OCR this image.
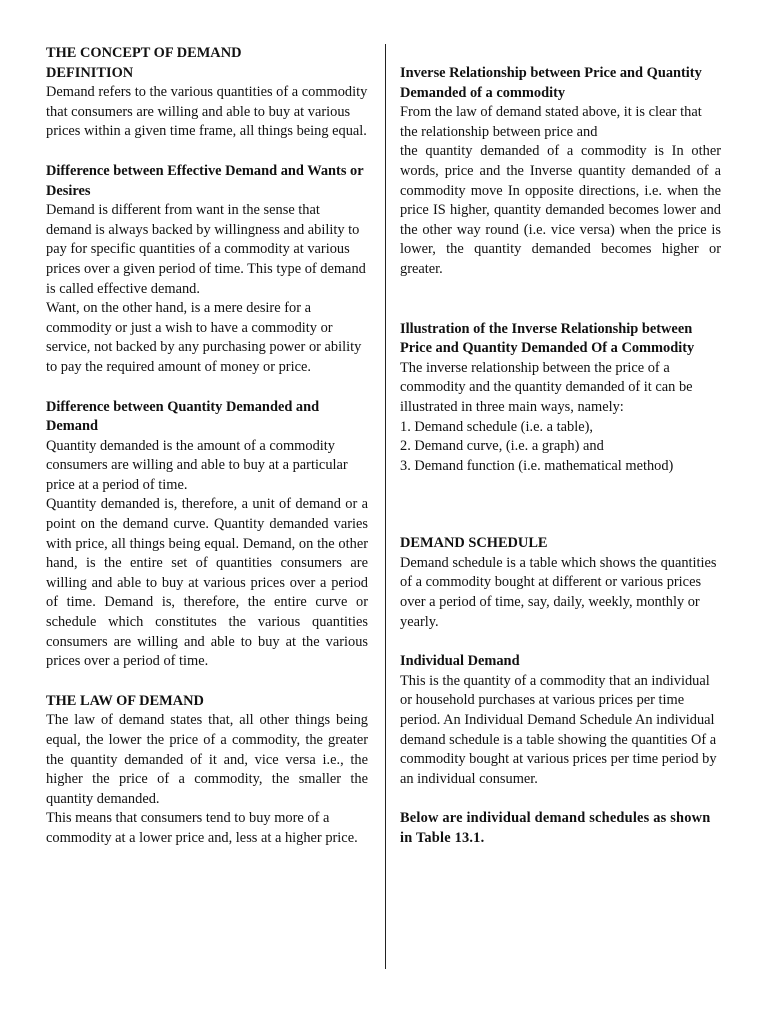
THE CONCEPT OF DEMAND
DEFINITION

Demand refers to the various quantities of a commodity that consumers are willing and able to buy at various prices within a given time frame, all things being equal.

Difference between Effective Demand and Wants or Desires

Demand is different from want in the sense that demand is always backed by willingness and ability to pay for specific quantities of a commodity at various prices over a given period of time. This type of demand is called effective demand.

Want, on the other hand, is a mere desire for a commodity or just a wish to have a commodity or service, not backed by any purchasing power or ability to pay the required amount of money or price.

Difference between Quantity Demanded and Demand

Quantity demanded is the amount of a commodity consumers are willing and able to buy at a particular price at a period of time.

Quantity demanded is, therefore, a unit of demand or a point on the demand curve. Quantity demanded varies with price, all things being equal. Demand, on the other hand, is the entire set of quantities consumers are willing and able to buy at various prices over a period of time. Demand is, therefore, the entire curve or schedule which constitutes the various quantities consumers are willing and able to buy at the various prices over a period of time.

THE LAW OF DEMAND

The law of demand states that, all other things being equal, the lower the price of a commodity, the greater the quantity demanded of it and, vice versa i.e., the higher the price of a commodity, the smaller the quantity demanded.

This means that consumers tend to buy more of a commodity at a lower price and, less at a higher price.

Inverse Relationship between Price and Quantity Demanded of a commodity

From the law of demand stated above, it is clear that the relationship between price and

the quantity demanded of a commodity is In other words, price and the Inverse quantity demanded of a commodity move In opposite directions, i.e. when the price IS higher, quantity demanded becomes lower and the other way round (i.e. vice versa) when the price is lower, the quantity demanded becomes higher or greater.

Illustration of the Inverse Relationship between Price and Quantity Demanded Of a Commodity

The inverse relationship between the price of a commodity and the quantity demanded of it can be illustrated in three main ways, namely:

1. Demand schedule (i.e. a table),
2. Demand curve, (i.e. a graph) and
3. Demand function (i.e. mathematical method)
DEMAND SCHEDULE

Demand schedule is a table which shows the quantities of a commodity bought at different or various prices over a period of time, say, daily, weekly, monthly or yearly.

Individual Demand

This is the quantity of a commodity that an individual or household purchases at various prices per time period. An Individual Demand Schedule An individual demand schedule is a table showing the quantities Of a commodity bought at various prices per time period by an individual consumer.

Below are individual demand schedules as shown in Table 13.1.
